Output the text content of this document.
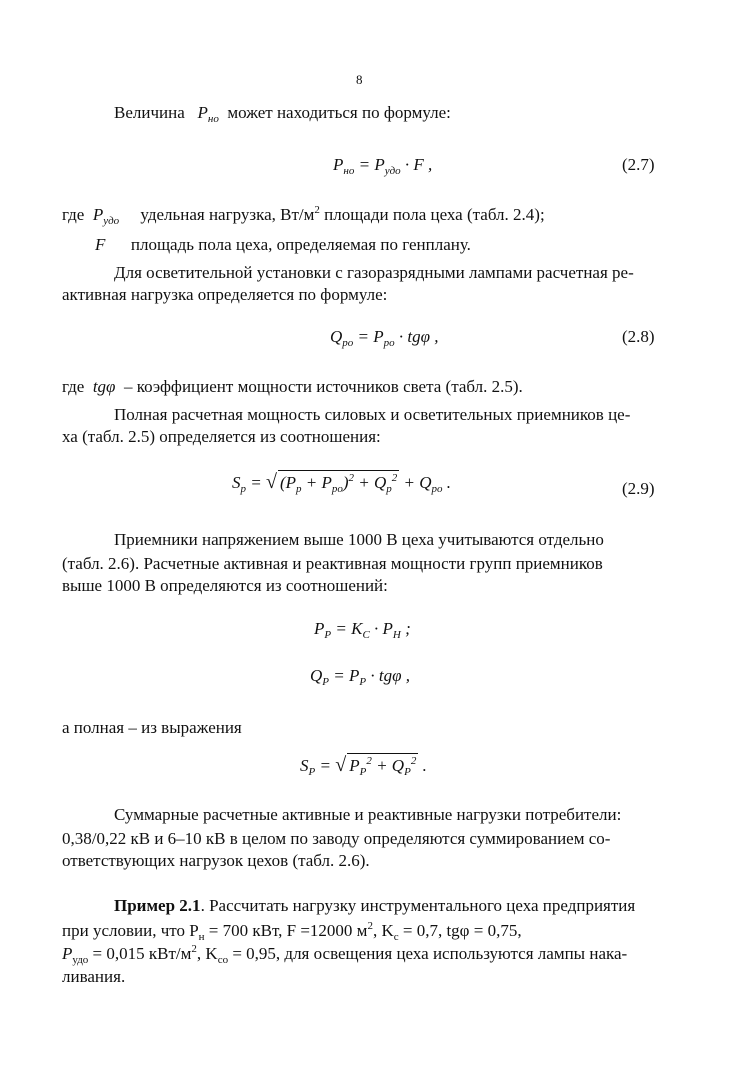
8
Величина $P_{но}$ может находиться по формуле:
$P_{но} = P_{удо} \cdot F$ ,	(2.7)
где $P_{удо}$ удельная нагрузка, $Вт/м^2$ площади пола цеха (табл. 2.4);
F площадь пола цеха, определяемая по генплану.
Для осветительной установки с газоразрядными лампами расчетная ре-
активная нагрузка определяется по формуле:
$Q_{ро} = P_{ро} \cdot tg\varphi$ ,	(2.8)
где tgφ – коэффициент мощности источников света (табл. 2.5).
Полная расчетная мощность силовых и осветительных приемников це-
ха (табл. 2.5) определяется из соотношения:
$S_р$ = √ $(P_р + P_{ро})^2 + Q_р^2 + Q_{ро}$ .	(2.9)
Приемники напряжением выше 1000 В цеха учитываются отдельно
(табл. 2.6). Расчетные активная и реактивная мощности групп приемников
выше 1000 В определяются из соотношений:
$P_P = K_C \cdot P_H$ ;
$Q_P = P_P \cdot tg\varphi$ ,
а полная – из выражения
$S_P$ = √ $P_P^2 + Q_P^2$ .
Суммарные расчетные активные и реактивные нагрузки потребители:
0,38/0,22 кВ и 6–10 кВ в целом по заводу определяются суммированием со-
ответствующих нагрузок цехов (табл. 2.6).
Пример 2.1. Рассчитать нагрузку инструментального цеха предприятия
при условии, что $P_н = 700$ кВт, F =12000 $м^2$, $K_с = 0,7$, tgφ = 0,75,
$P_{удо} = 0,015$ кВт/$м^2$, $K_{со} = 0,95$, для освещения цеха используются лампы нака-
ливания.
